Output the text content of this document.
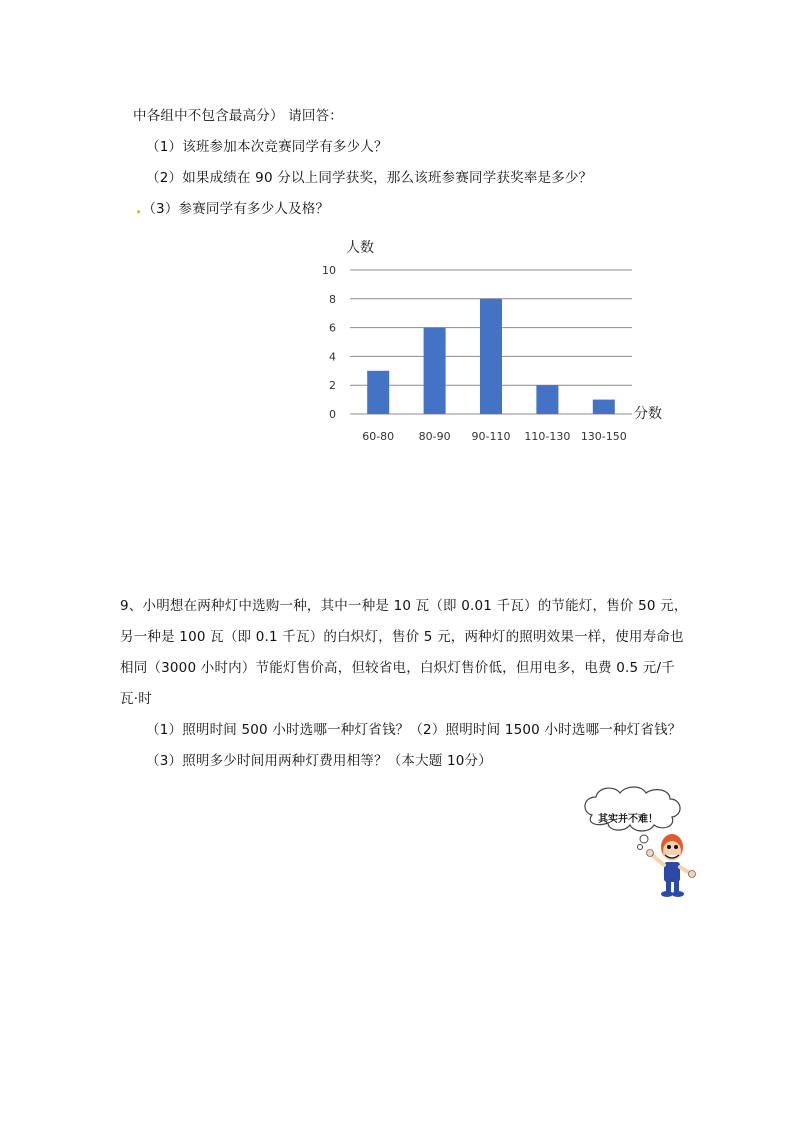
中各组中不包含最高分） 请回答：
（1）该班参加本次竞赛同学有多少人？
（2）如果成绩在 90 分以上同学获奖，那么该班参赛同学获奖率是多少？
.（3）参赛同学有多少人及格？
人数
0
2
4
6
8
10
60-80 80-90 90-110 110-130 130-150
分数
9、小明想在两种灯中选购一种，其中一种是 10 瓦（即 0.01 千瓦）的节能灯，售价 50 元，
另一种是 100 瓦（即 0.1 千瓦）的白炽灯，售价 5 元，两种灯的照明效果一样，使用寿命也
相同（3000 小时内）节能灯售价高，但较省电，白炽灯售价低，但用电多，电费 0.5 元/千
瓦·时
（1）照明时间 500 小时选哪一种灯省钱？（2）照明时间 1500 小时选哪一种灯省钱？
（3）照明多少时间用两种灯费用相等？（本大题 10分）
其实并不难！
